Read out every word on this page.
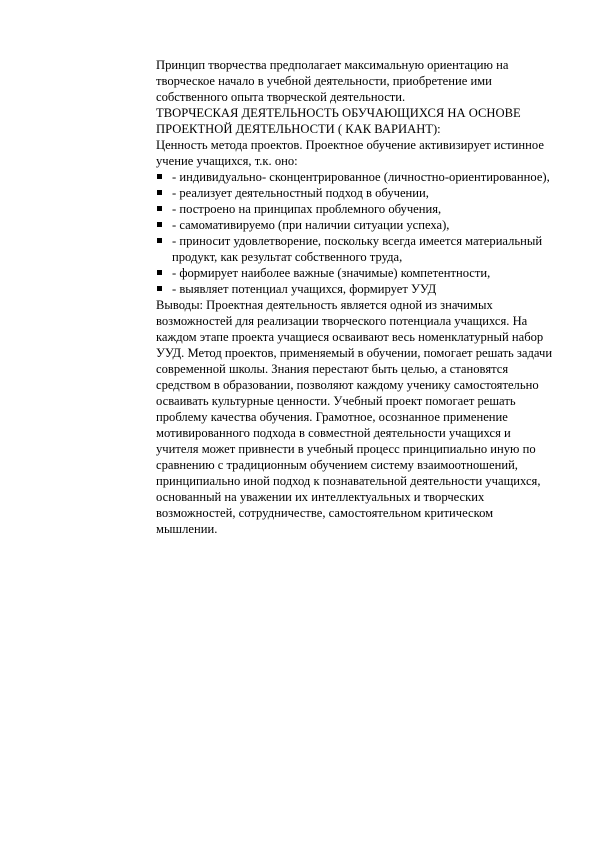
Принцип творчества предполагает максимальную ориентацию на творческое начало в учебной деятельности, приобретение ими собственного опыта творческой деятельности.

ТВОРЧЕСКАЯ ДЕЯТЕЛЬНОСТЬ ОБУЧАЮЩИХСЯ НА ОСНОВЕ ПРОЕКТНОЙ ДЕЯТЕЛЬНОСТИ ( КАК ВАРИАНТ):

Ценность метода проектов. Проектное обучение активизирует истинное учение учащихся, т.к. оно:

- индивидуально- сконцентрированное (личностно-ориентированное),
- реализует деятельностный подход в обучении,
- построено на принципах проблемного обучения,
- самомативируемо (при наличии ситуации успеха),
- приносит удовлетворение, поскольку всегда имеется материальный продукт, как результат собственного труда,
- формирует наиболее важные (значимые) компетентности,
- выявляет потенциал учащихся, формирует УУД

Выводы: Проектная деятельность является одной из значимых возможностей для реализации творческого потенциала учащихся. На каждом этапе проекта учащиеся осваивают весь номенклатурный набор УУД. Метод проектов, применяемый в обучении, помогает решать задачи современной школы. Знания перестают быть целью, а становятся средством в образовании, позволяют каждому ученику самостоятельно осваивать культурные ценности. Учебный проект помогает решать проблему качества обучения. Грамотное, осознанное применение мотивированного подхода в совместной деятельности учащихся и учителя может привнести в учебный процесс принципиально иную по сравнению с традиционным обучением систему взаимоотношений, принципиально иной подход к познавательной деятельности учащихся, основанный на уважении их интеллектуальных и творческих возможностей, сотрудничестве, самостоятельном критическом мышлении.
